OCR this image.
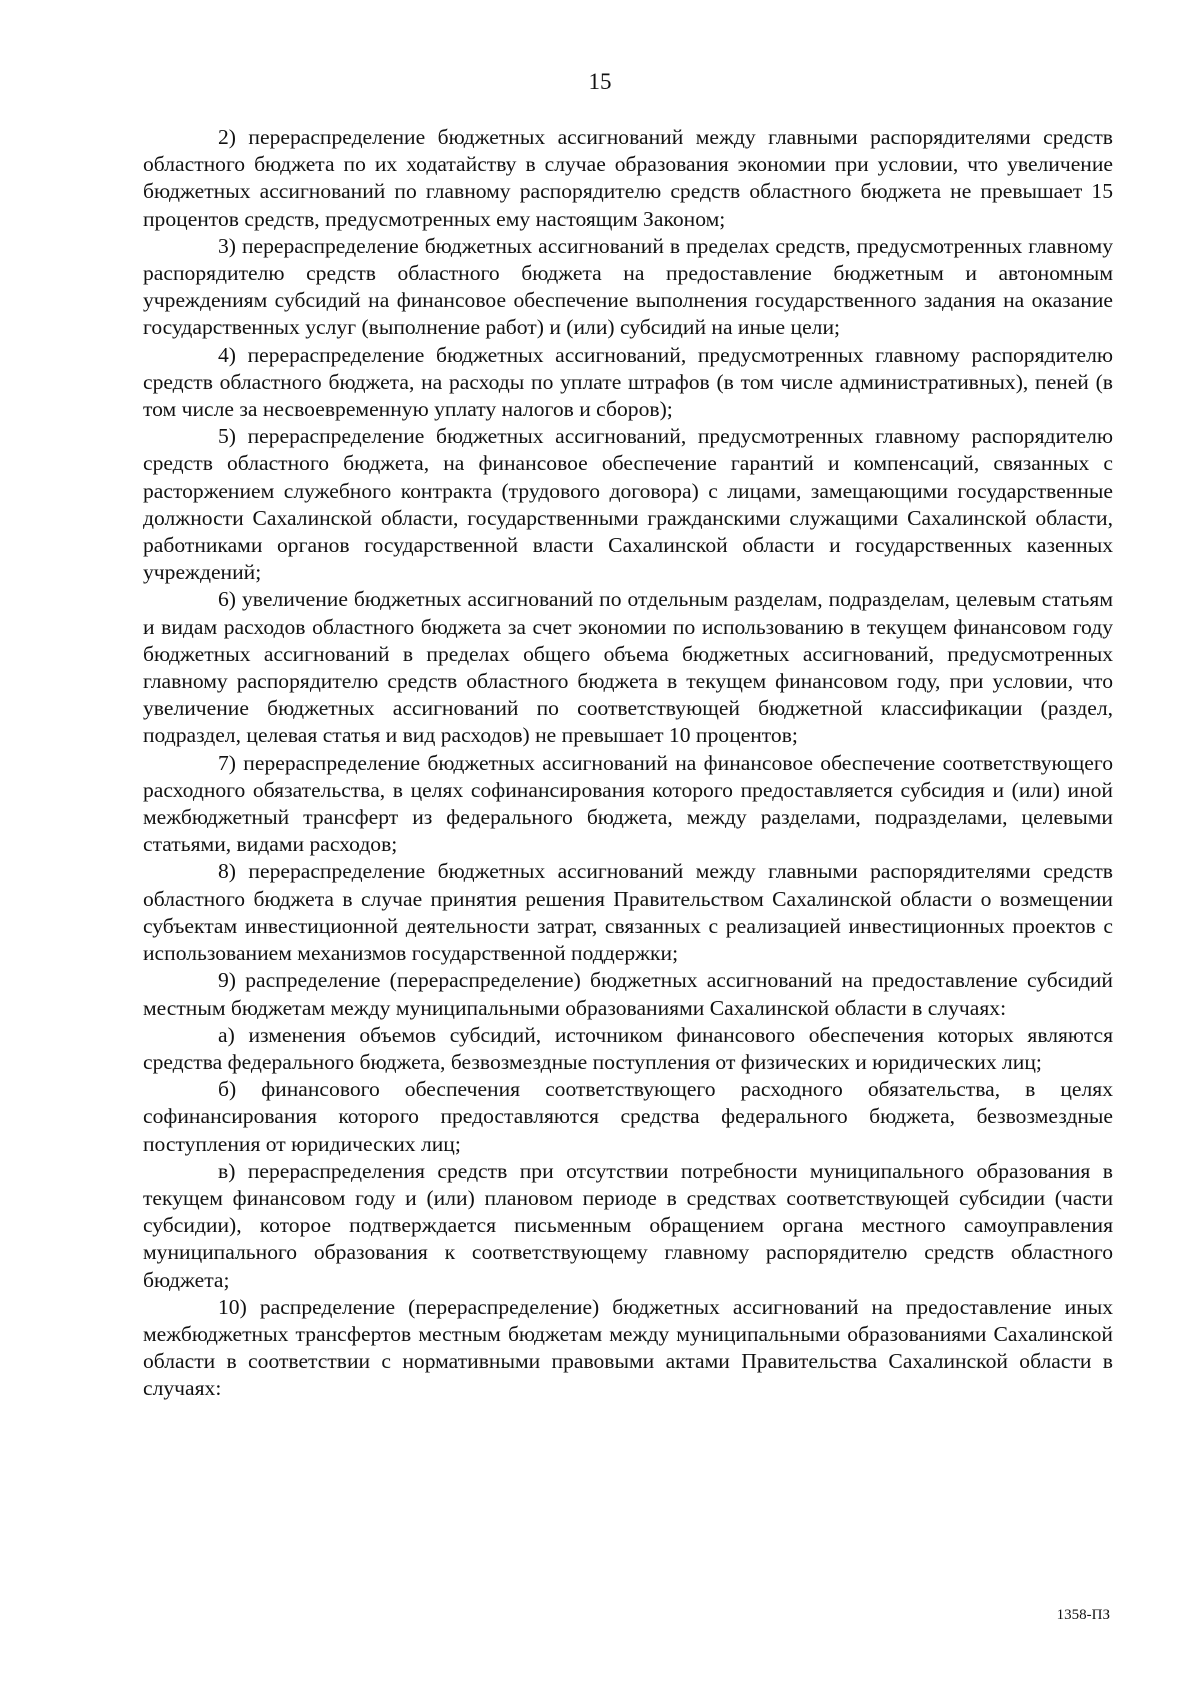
15

2) перераспределение бюджетных ассигнований между главными распорядителями средств областного бюджета по их ходатайству в случае образования экономии при условии, что увеличение бюджетных ассигнований по главному распорядителю средств областного бюджета не превышает 15 процентов средств, предусмотренных ему настоящим Законом;

3) перераспределение бюджетных ассигнований в пределах средств, предусмотренных главному распорядителю средств областного бюджета на предоставление бюджетным и автономным учреждениям субсидий на финансовое обеспечение выполнения государственного задания на оказание государственных услуг (выполнение работ) и (или) субсидий на иные цели;

4) перераспределение бюджетных ассигнований, предусмотренных главному распорядителю средств областного бюджета, на расходы по уплате штрафов (в том числе административных), пеней (в том числе за несвоевременную уплату налогов и сборов);

5) перераспределение бюджетных ассигнований, предусмотренных главному распорядителю средств областного бюджета, на финансовое обеспечение гарантий и компенсаций, связанных с расторжением служебного контракта (трудового договора) с лицами, замещающими государственные должности Сахалинской области, государственными гражданскими служащими Сахалинской области, работниками органов государственной власти Сахалинской области и государственных казенных учреждений;

6) увеличение бюджетных ассигнований по отдельным разделам, подразделам, целевым статьям и видам расходов областного бюджета за счет экономии по использованию в текущем финансовом году бюджетных ассигнований в пределах общего объема бюджетных ассигнований, предусмотренных главному распорядителю средств областного бюджета в текущем финансовом году, при условии, что увеличение бюджетных ассигнований по соответствующей бюджетной классификации (раздел, подраздел, целевая статья и вид расходов) не превышает 10 процентов;

7) перераспределение бюджетных ассигнований на финансовое обеспечение соответствующего расходного обязательства, в целях софинансирования которого предоставляется субсидия и (или) иной межбюджетный трансферт из федерального бюджета, между разделами, подразделами, целевыми статьями, видами расходов;

8) перераспределение бюджетных ассигнований между главными распорядителями средств областного бюджета в случае принятия решения Правительством Сахалинской области о возмещении субъектам инвестиционной деятельности затрат, связанных с реализацией инвестиционных проектов с использованием механизмов государственной поддержки;

9) распределение (перераспределение) бюджетных ассигнований на предоставление субсидий местным бюджетам между муниципальными образованиями Сахалинской области в случаях:

а) изменения объемов субсидий, источником финансового обеспечения которых являются средства федерального бюджета, безвозмездные поступления от физических и юридических лиц;

б) финансового обеспечения соответствующего расходного обязательства, в целях софинансирования которого предоставляются средства федерального бюджета, безвозмездные поступления от юридических лиц;

в) перераспределения средств при отсутствии потребности муниципального образования в текущем финансовом году и (или) плановом периоде в средствах соответствующей субсидии (части субсидии), которое подтверждается письменным обращением органа местного самоуправления муниципального образования к соответствующему главному распорядителю средств областного бюджета;

10) распределение (перераспределение) бюджетных ассигнований на предоставление иных межбюджетных трансфертов местным бюджетам между муниципальными образованиями Сахалинской области в соответствии с нормативными правовыми актами Правительства Сахалинской области в случаях:

1358-ПЗ
